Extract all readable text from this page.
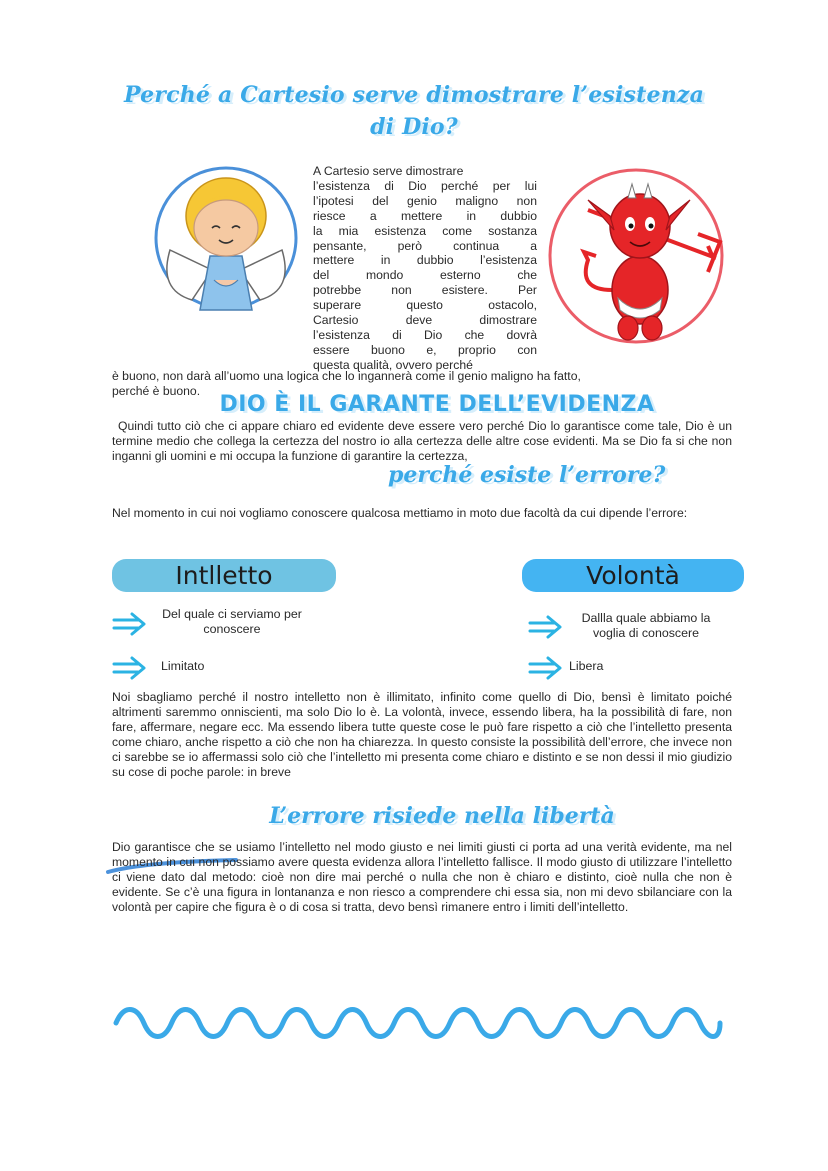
Perché a Cartesio serve dimostrare l’esistenza
di Dio?
A Cartesio serve dimostrare
l’esistenza di Dio perché per lui
l’ipotesi del genio maligno non
riesce a mettere in dubbio
la mia esistenza come sostanza
pensante, però continua a
mettere in dubbio l’esistenza
del mondo esterno che
potrebbe non esistere. Per
superare questo ostacolo,
Cartesio deve dimostrare
l’esistenza di Dio che dovrà
essere buono e, proprio con
questa qualità, ovvero perché
è buono, non darà all’uomo una logica che lo ingannerà come il genio maligno ha fatto,
perché è buono.
DIO È IL GARANTE DELL’EVIDENZA

Quindi tutto ciò che ci appare chiaro ed evidente deve essere vero perché Dio lo garantisce come tale, Dio è un termine medio che collega la certezza del nostro io alla certezza delle altre cose evidenti. Ma se Dio fa si che non inganni gli uomini e mi occupa la funzione di garantire la certezza,

perché esiste l’errore?

Nel momento in cui noi vogliamo conoscere qualcosa mettiamo in moto due facoltà da cui dipende l’errore:

Intlletto	Volontà
Del quale ci serviamo per conoscere
Limitato
Dallla quale abbiamo la voglia di conoscere
Libera

Noi sbagliamo perché il nostro intelletto non è illimitato, infinito come quello di Dio, bensì è limitato poiché altrimenti saremmo onniscienti, ma solo Dio lo è. La volontà, invece, essendo libera, ha la possibilità di fare, non fare, affermare, negare ecc. Ma essendo libera tutte queste cose le può fare rispetto a ciò che l’intelletto presenta come chiaro, anche rispetto a ciò che non ha chiarezza. In questo consiste la possibilità dell’errore, che invece non ci sarebbe se io affermassi solo ciò che l’intelletto mi presenta come chiaro e distinto e se non dessi il mio giudizio su cose di poche parole: in breve

L’errore risiede nella libertà

Dio garantisce che se usiamo l’intelletto nel modo giusto e nei limiti giusti ci porta ad una verità evidente, ma nel momento in cui non possiamo avere questa evidenza allora l’intelletto fallisce. Il modo giusto di utilizzare l’intelletto ci viene dato dal metodo: cioè non dire mai perché o nulla che non è chiaro e distinto, cioè nulla che non è evidente. Se c’è una figura in lontananza e non riesco a comprendere chi essa sia, non mi devo sbilanciare con la volontà per capire che figura è o di cosa si tratta, devo bensì rimanere entro i limiti dell’intelletto.
